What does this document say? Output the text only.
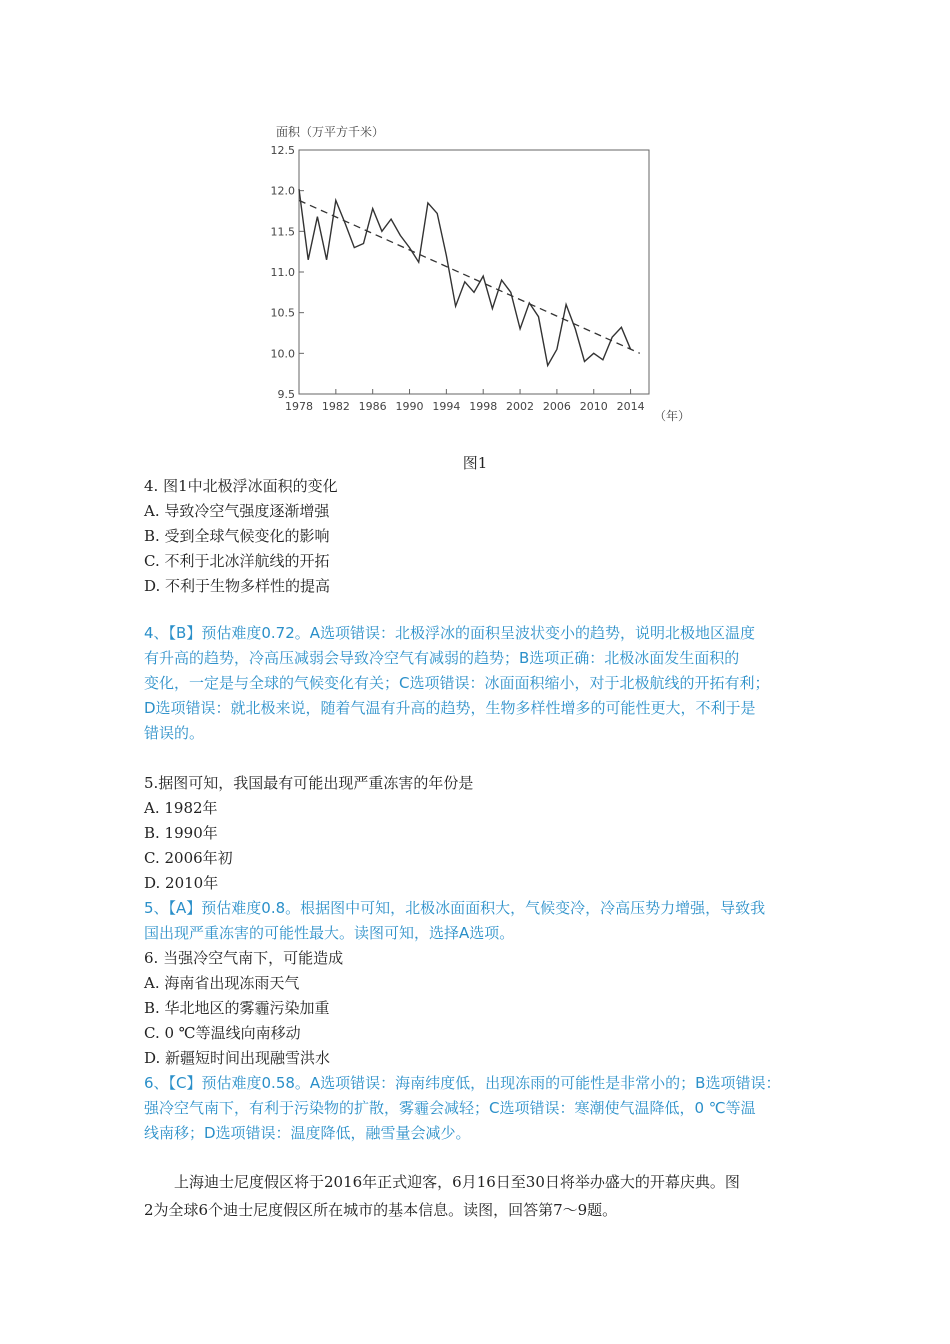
面积（万平方千米）
9.5
10.0
10.5
11.0
11.5
12.0
12.5
1978 1982 1986 1990 1994 1998 2002 2006 2010 2014
（年）
图1
4. 图1中北极浮冰面积的变化
A. 导致冷空气强度逐渐增强
B. 受到全球气候变化的影响
C. 不利于北冰洋航线的开拓
D. 不利于生物多样性的提高

4、【B】预估难度0.72。A选项错误：北极浮冰的面积呈波状变小的趋势，说明北极地区温度

有升高的趋势，冷高压减弱会导致冷空气有减弱的趋势；B选项正确：北极冰面发生面积的

变化，一定是与全球的气候变化有关；C选项错误：冰面面积缩小，对于北极航线的开拓有利；

D选项错误：就北极来说，随着气温有升高的趋势，生物多样性增多的可能性更大，不利于是

错误的。

5.据图可知，我国最有可能出现严重冻害的年份是
A. 1982年
B. 1990年
C. 2006年初
D. 2010年

5、【A】预估难度0.8。根据图中可知，北极冰面面积大，气候变冷，冷高压势力增强，导致我

国出现严重冻害的可能性最大。读图可知，选择A选项。

6. 当强冷空气南下，可能造成
A. 海南省出现冻雨天气
B. 华北地区的雾霾污染加重
C. 0 ℃等温线向南移动
D. 新疆短时间出现融雪洪水

6、【C】预估难度0.58。A选项错误：海南纬度低，出现冻雨的可能性是非常小的；B选项错误：

强冷空气南下，有利于污染物的扩散，雾霾会减轻；C选项错误：寒潮使气温降低，0 ℃等温

线南移；D选项错误：温度降低，融雪量会减少。

上海迪士尼度假区将于2016年正式迎客，6月16日至30日将举办盛大的开幕庆典。图

2为全球6个迪士尼度假区所在城市的基本信息。读图，回答第7～9题。
